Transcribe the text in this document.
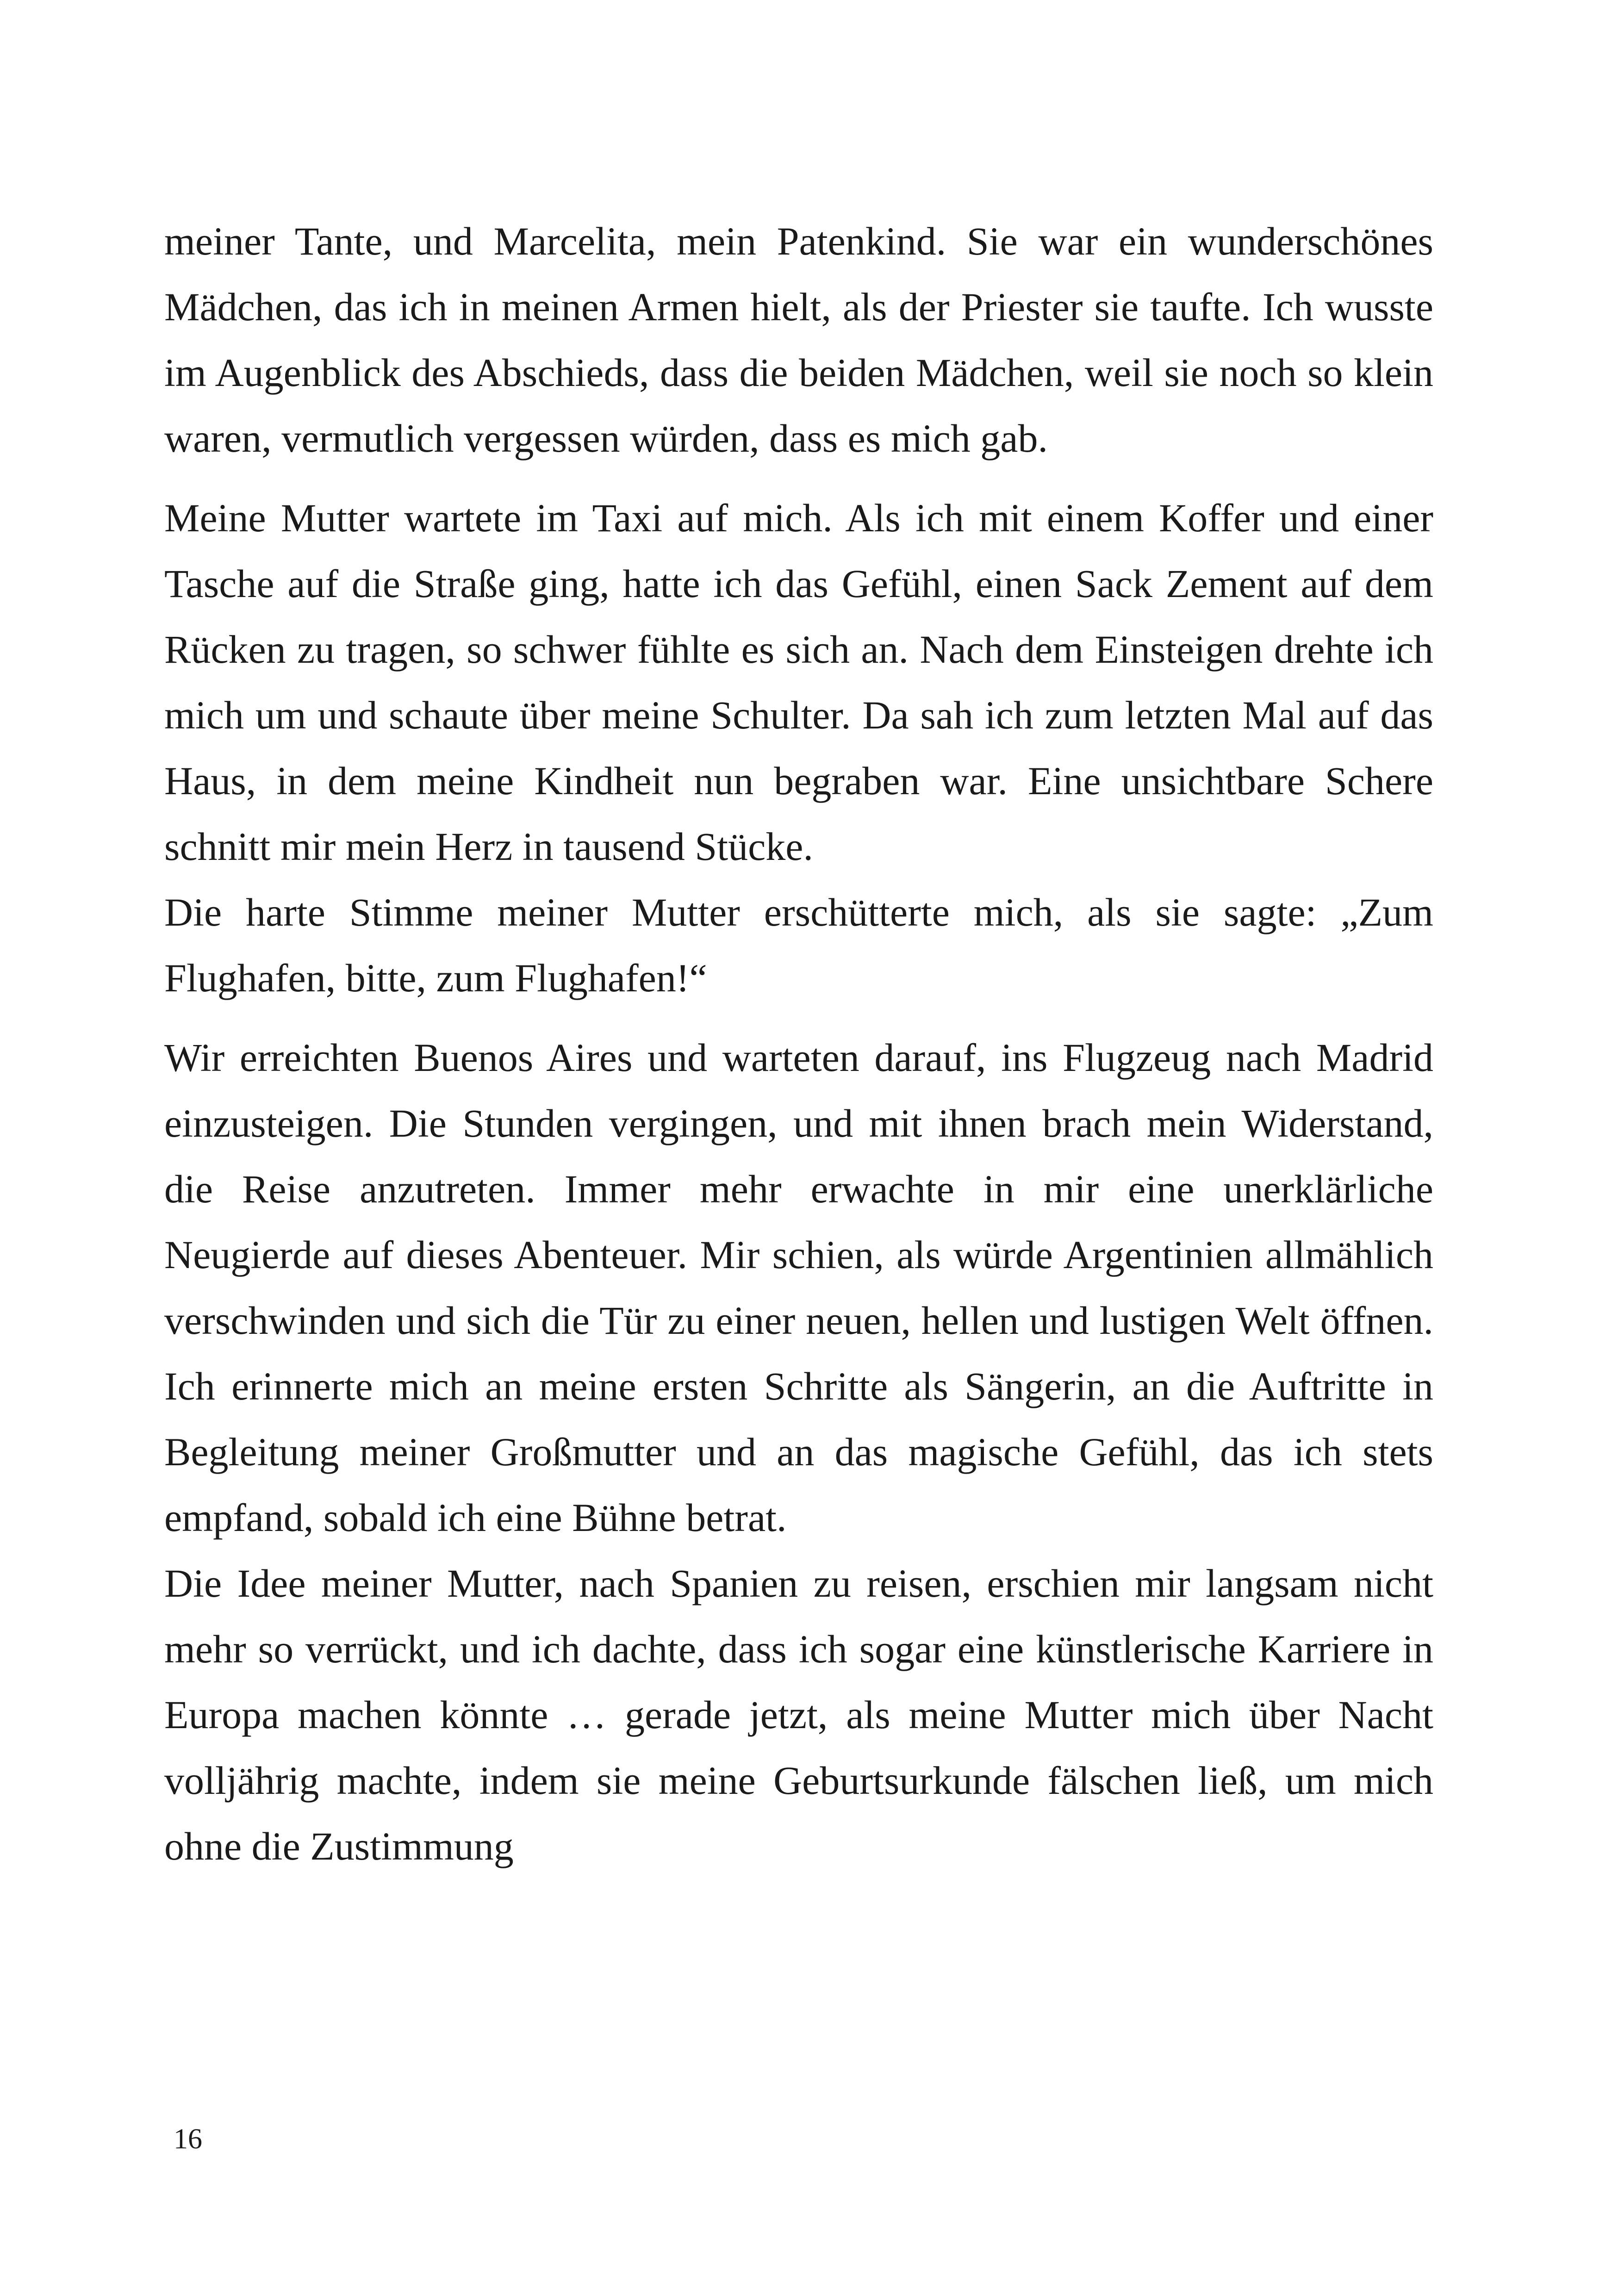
meiner Tante, und Marcelita, mein Patenkind. Sie war ein wunderschönes Mädchen, das ich in meinen Armen hielt, als der Priester sie taufte. Ich wusste im Augenblick des Abschieds, dass die beiden Mädchen, weil sie noch so klein waren, vermutlich vergessen würden, dass es mich gab.

Meine Mutter wartete im Taxi auf mich. Als ich mit einem Koffer und einer Tasche auf die Straße ging, hatte ich das Gefühl, einen Sack Zement auf dem Rücken zu tragen, so schwer fühlte es sich an. Nach dem Einsteigen drehte ich mich um und schaute über meine Schulter. Da sah ich zum letzten Mal auf das Haus, in dem meine Kindheit nun begraben war. Eine unsichtbare Schere schnitt mir mein Herz in tausend Stücke.

Die harte Stimme meiner Mutter erschütterte mich, als sie sagte: „Zum Flughafen, bitte, zum Flughafen!“

Wir erreichten Buenos Aires und warteten darauf, ins Flugzeug nach Madrid einzusteigen. Die Stunden vergingen, und mit ihnen brach mein Widerstand, die Reise anzutreten. Immer mehr erwachte in mir eine unerklärliche Neugierde auf dieses Abenteuer. Mir schien, als würde Argentinien allmählich verschwinden und sich die Tür zu einer neuen, hellen und lustigen Welt öffnen. Ich erinnerte mich an meine ersten Schritte als Sängerin, an die Auftritte in Begleitung meiner Großmutter und an das magische Gefühl, das ich stets empfand, sobald ich eine Bühne betrat.

Die Idee meiner Mutter, nach Spanien zu reisen, erschien mir langsam nicht mehr so verrückt, und ich dachte, dass ich sogar eine künstlerische Karriere in Europa machen könnte … gerade jetzt, als meine Mutter mich über Nacht volljährig machte, indem sie meine Geburtsurkunde fälschen ließ, um mich ohne die Zustimmung

16
